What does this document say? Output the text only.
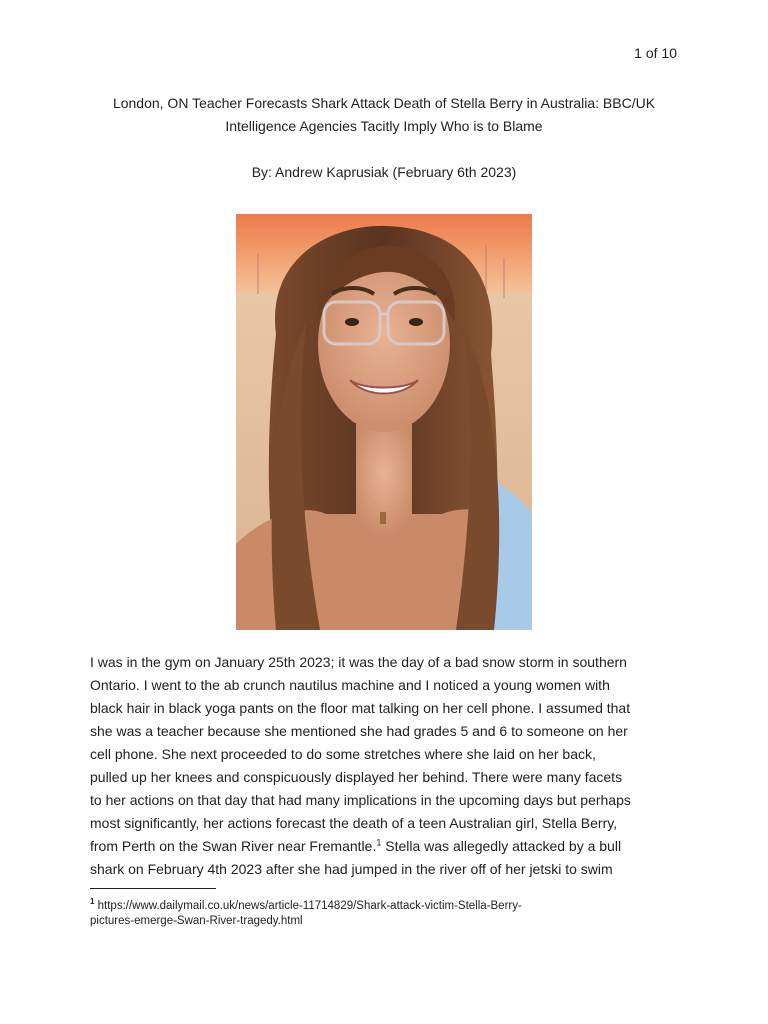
1 of 10
London, ON Teacher Forecasts Shark Attack Death of Stella Berry in Australia: BBC/UK
Intelligence Agencies Tacitly Imply Who is to Blame
By: Andrew Kaprusiak (February 6th 2023)
I was in the gym on January 25th 2023; it was the day of a bad snow storm in southern
Ontario. I went to the ab crunch nautilus machine and I noticed a young women with
black hair in black yoga pants on the floor mat talking on her cell phone. I assumed that
she was a teacher because she mentioned she had grades 5 and 6 to someone on her
cell phone. She next proceeded to do some stretches where she laid on her back,
pulled up her knees and conspicuously displayed her behind. There were many facets
to her actions on that day that had many implications in the upcoming days but perhaps
most significantly, her actions forecast the death of a teen Australian girl, Stella Berry,
from Perth on the Swan River near Fremantle.$^1$ Stella was allegedly attacked by a bull
shark on February 4th 2023 after she had jumped in the river off of her jetski to swim
$^1$ https://www.dailymail.co.uk/news/article-11714829/Shark-attack-victim-Stella-Berry-
pictures-emerge-Swan-River-tragedy.html
